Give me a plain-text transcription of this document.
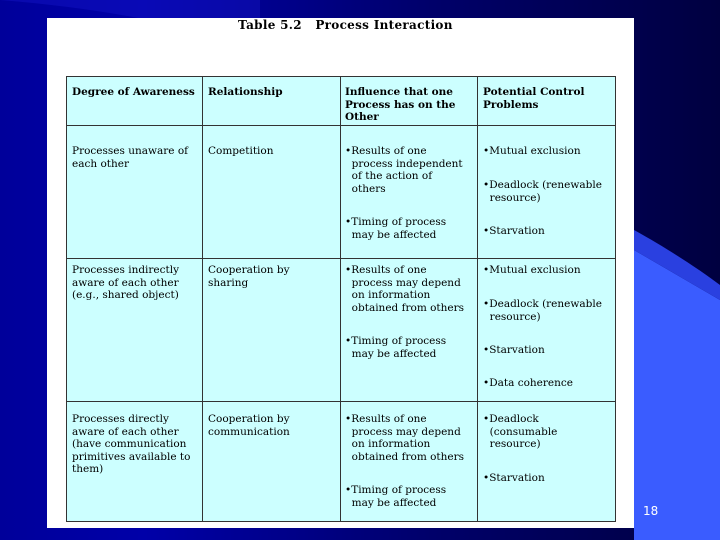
Table 5.2   Process Interaction
Degree of Awareness Relationship	Influence that one
Process has on the
Other
Potential Control
Problems
Processes unaware of
each other
Competition	•Results of one
process independent
of the action of
others
•Timing of process
may be affected
•Mutual exclusion
•Deadlock (renewable
resource)
•Starvation
Processes indirectly
aware of each other
(e.g., shared object)
Cooperation by
sharing
•Results of one
process may depend
on information
obtained from others
•Timing of process
may be affected
•Mutual exclusion
•Deadlock (renewable
resource)
•Starvation
•Data coherence
Processes directly
aware of each other
(have communication
primitives available to
them)
Cooperation by
communication
•Results of one
process may depend
on information
obtained from others
•Timing of process
may be affected
•Deadlock
(consumable
resource)
•Starvation
18
